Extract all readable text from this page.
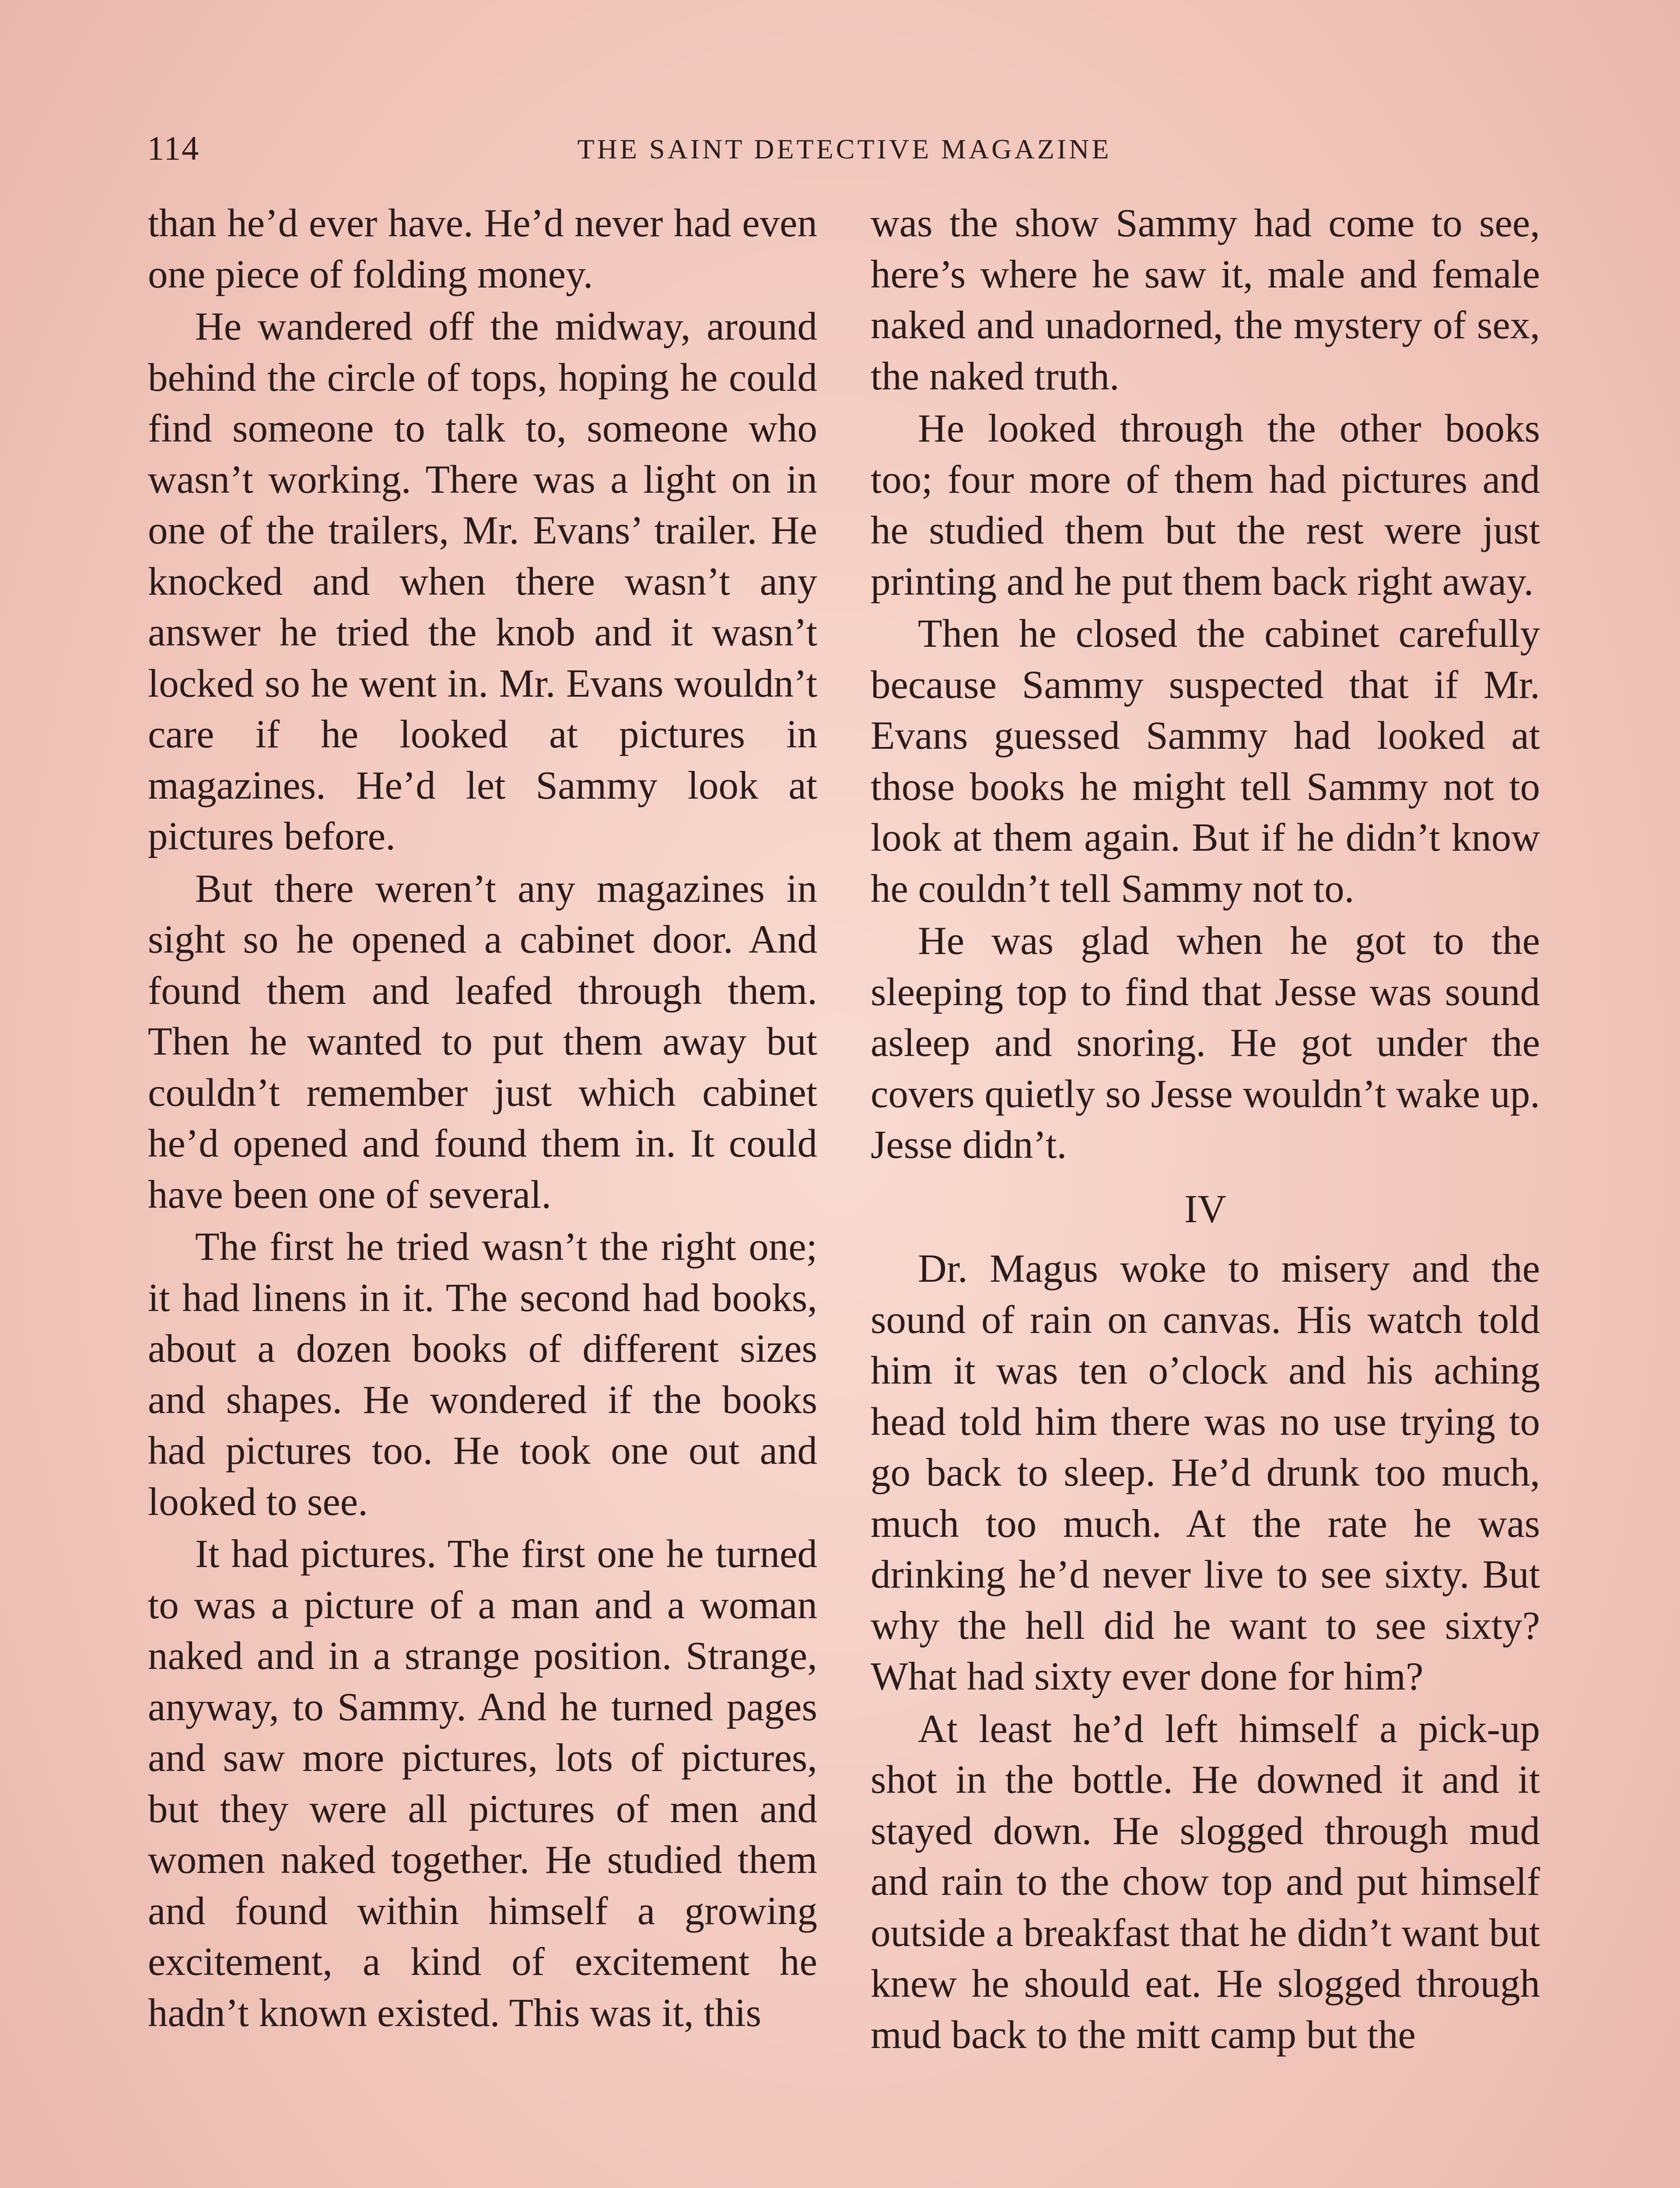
114	THE SAINT DETECTIVE MAGAZINE

than he’d ever have. He’d never had even one piece of folding money.

He wandered off the midway, around behind the circle of tops, hoping he could find someone to talk to, someone who wasn’t working. There was a light on in one of the trailers, Mr. Evans’ trailer. He knocked and when there wasn’t any answer he tried the knob and it wasn’t locked so he went in. Mr. Evans wouldn’t care if he looked at pictures in magazines. He’d let Sammy look at pictures before.

But there weren’t any magazines in sight so he opened a cabinet door. And found them and leafed through them. Then he wanted to put them away but couldn’t remember just which cabinet he’d opened and found them in. It could have been one of several.

The first he tried wasn’t the right one; it had linens in it. The second had books, about a dozen books of different sizes and shapes. He wondered if the books had pictures too. He took one out and looked to see.

It had pictures. The first one he turned to was a picture of a man and a woman naked and in a strange position. Strange, anyway, to Sammy. And he turned pages and saw more pictures, lots of pictures, but they were all pictures of men and women naked together. He studied them and found within himself a growing excitement, a kind of excitement he hadn’t known existed. This was it, this

was the show Sammy had come to see, here’s where he saw it, male and female naked and unadorned, the mystery of sex, the naked truth.

He looked through the other books too; four more of them had pictures and he studied them but the rest were just printing and he put them back right away.

Then he closed the cabinet carefully because Sammy suspected that if Mr. Evans guessed Sammy had looked at those books he might tell Sammy not to look at them again. But if he didn’t know he couldn’t tell Sammy not to.

He was glad when he got to the sleeping top to find that Jesse was sound asleep and snoring. He got under the covers quietly so Jesse wouldn’t wake up. Jesse didn’t.

IV

Dr. Magus woke to misery and the sound of rain on canvas. His watch told him it was ten o’clock and his aching head told him there was no use trying to go back to sleep. He’d drunk too much, much too much. At the rate he was drinking he’d never live to see sixty. But why the hell did he want to see sixty? What had sixty ever done for him?

At least he’d left himself a pick-up shot in the bottle. He downed it and it stayed down. He slogged through mud and rain to the chow top and put himself outside a breakfast that he didn’t want but knew he should eat. He slogged through mud back to the mitt camp but the
